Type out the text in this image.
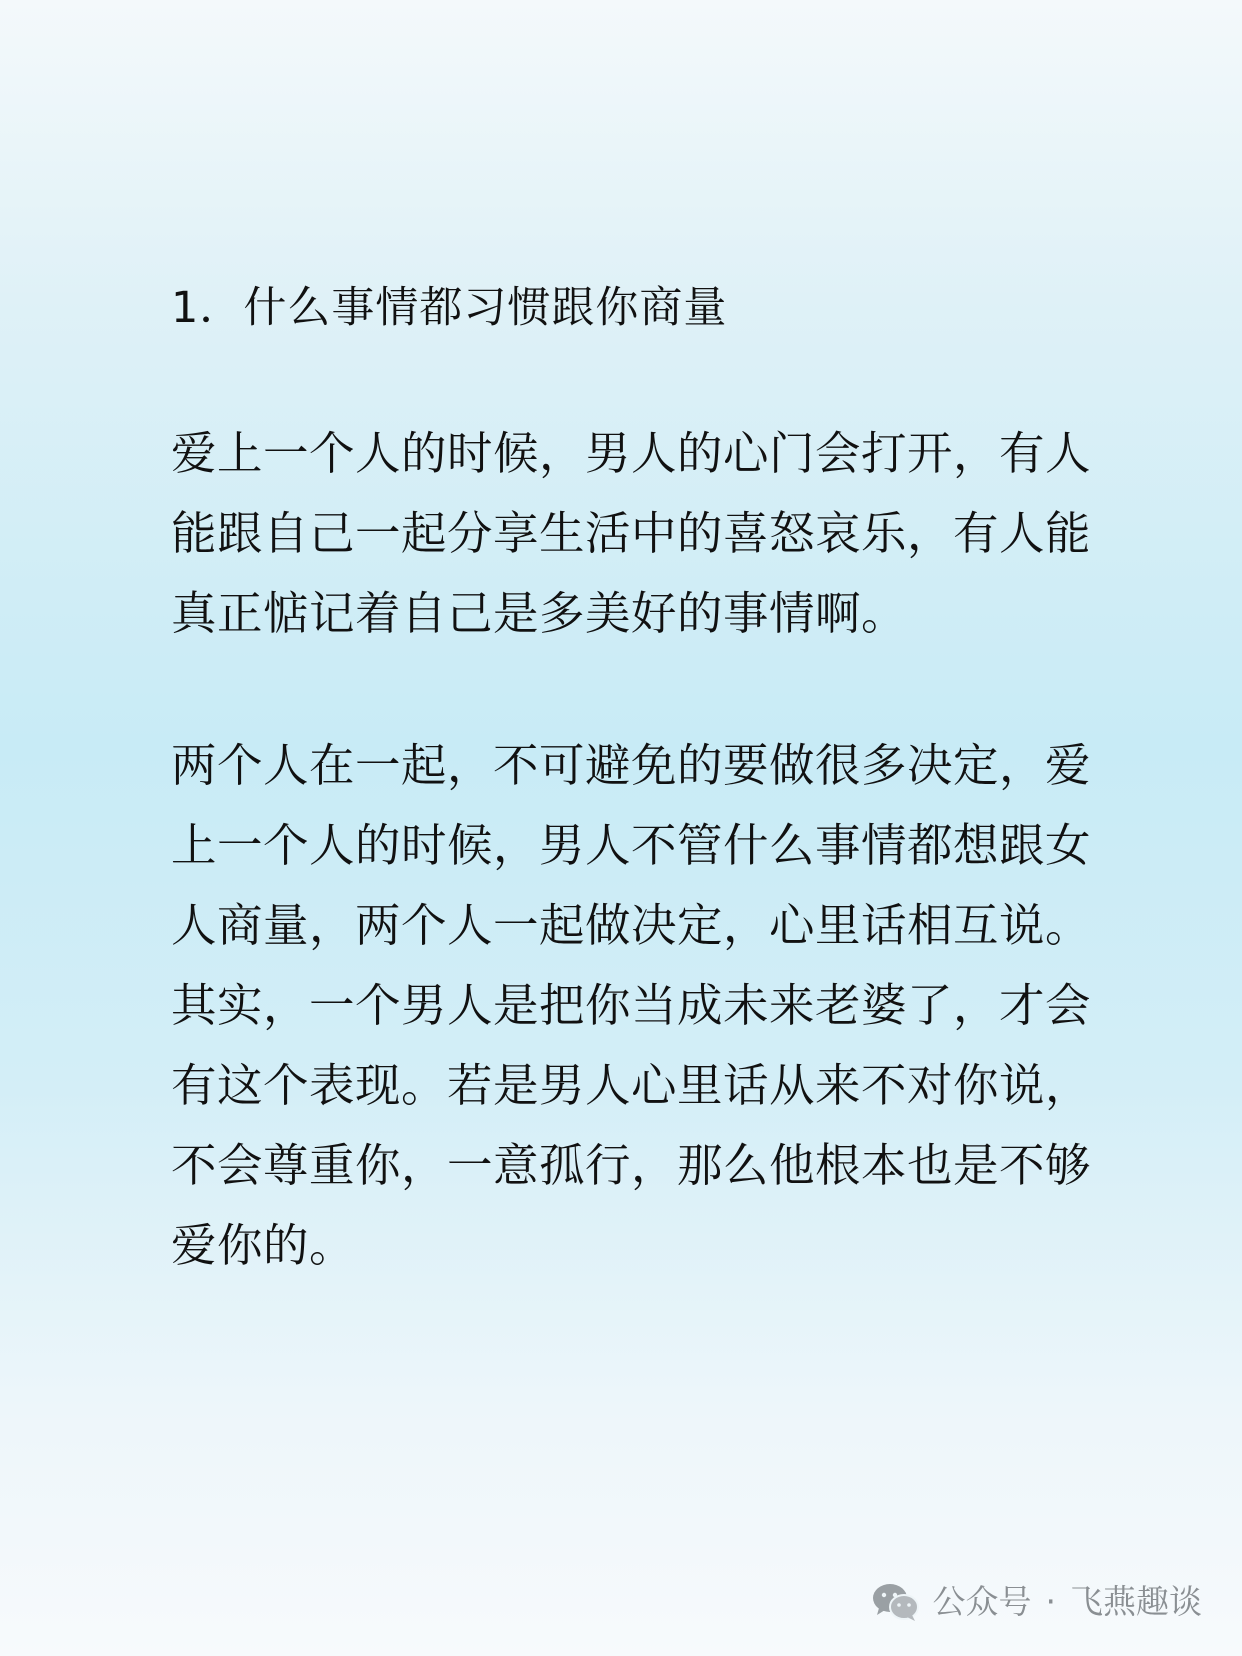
1．什么事情都习惯跟你商量

爱上一个人的时候，男人的心门会打开，有人能跟自己一起分享生活中的喜怒哀乐，有人能真正惦记着自己是多美好的事情啊。

两个人在一起，不可避免的要做很多决定，爱上一个人的时候，男人不管什么事情都想跟女人商量，两个人一起做决定，心里话相互说。其实，一个男人是把你当成未来老婆了，才会有这个表现。若是男人心里话从来不对你说，不会尊重你，一意孤行，那么他根本也是不够爱你的。

公众号 · 飞燕趣谈
